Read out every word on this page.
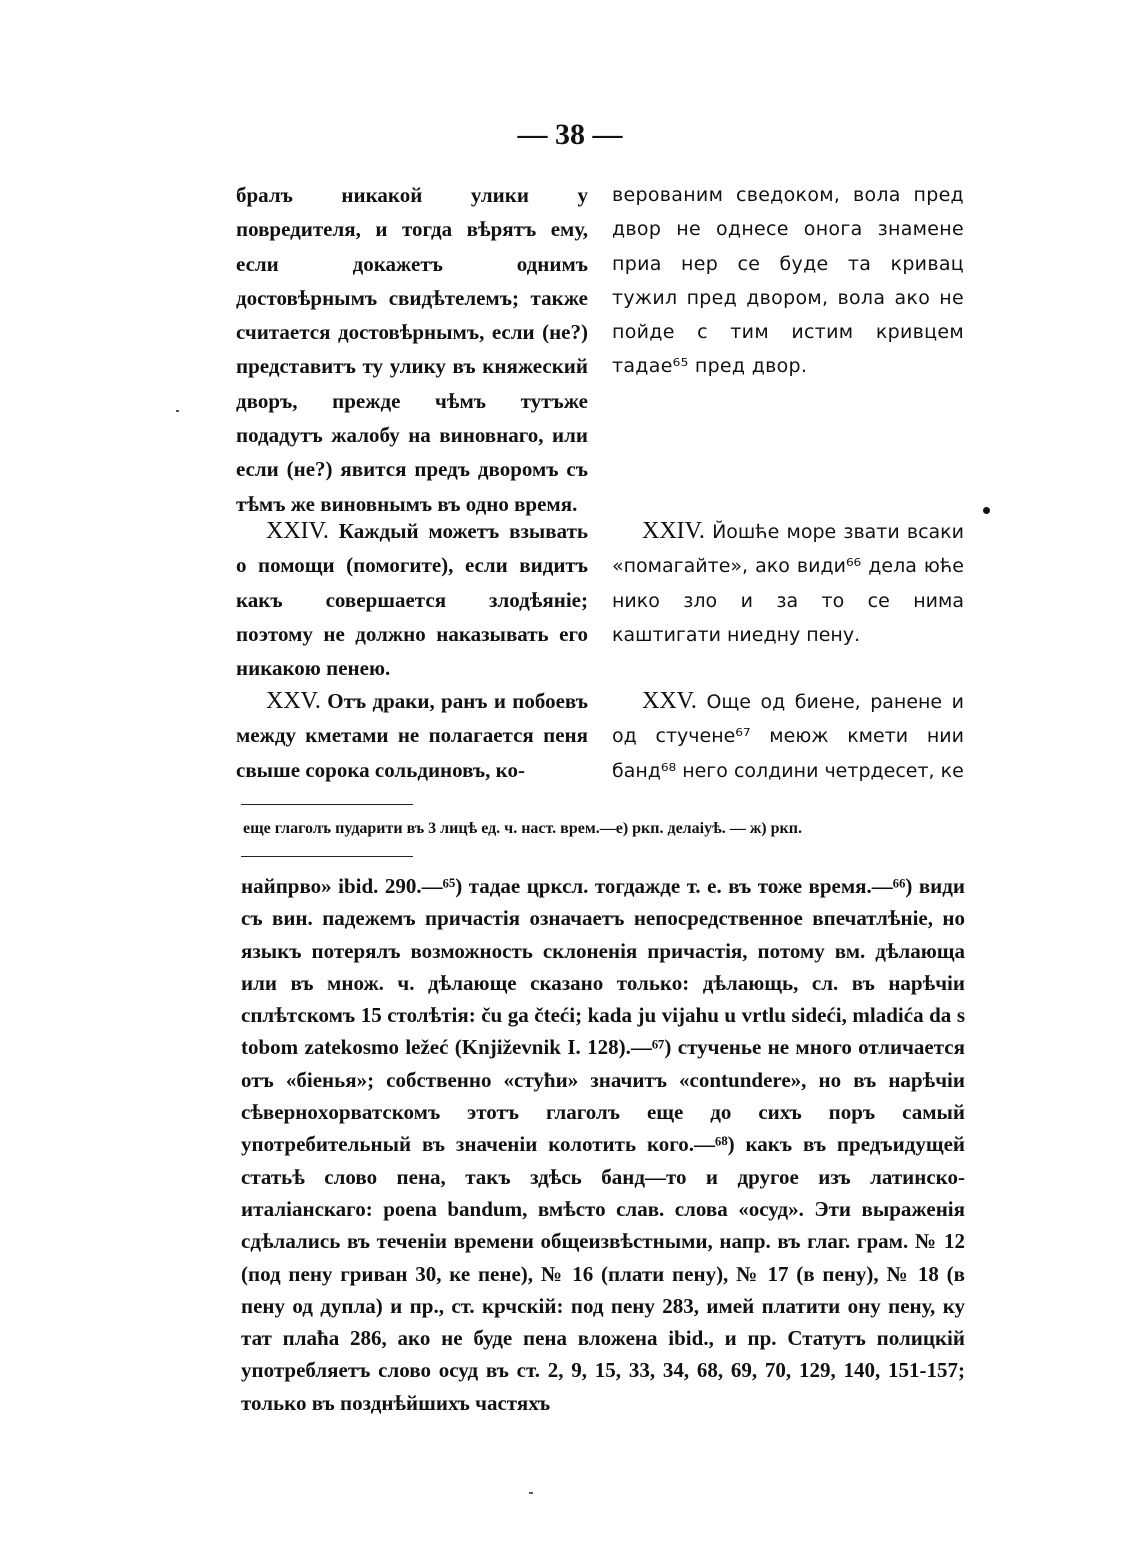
— 38 —

бралъ никакой улики у повредителя, и тогда вѣрятъ ему, если докажетъ однимъ достовѣрнымъ свидѣтелемъ; также считается достовѣрнымъ, если (не?) представитъ ту улику въ княжеский дворъ, прежде чѣмъ тутъже подадутъ жалобу на виновнаго, или если (не?) явится предъ дворомъ съ тѣмъ же виновнымъ въ одно время.

верованим сведоком, вола пред двор не однесе онога знамене приа нер се буде та кривац тужил пред двором, вола ако не пойде с тим истим кривцем тадае⁶⁵ пред двор.

XXIV. Каждый можетъ взывать о помощи (помогите), если видитъ какъ совершается злодѣяніе; поэтому не должно наказывать его никакою пенею.

XXV. Отъ драки, ранъ и побоевъ между кметами не полагается пеня свыше сорока сольдиновъ, ко-

XXIV. Йошће море звати всаки «помагайте», ако види⁶⁶ дела юће нико зло и за то се нима каштигати ниедну пену.

XXV. Още од биене, ранене и од стучене⁶⁷ меюж кмети нии банд⁶⁸ него солдини четрдесет, ке

еще глаголъ пударити въ 3 лицѣ ед. ч. наст. врем.—е) ркп. делаіуѣ. — ж) ркп.

найпрво» ibid. 290.—⁶⁵) тадае црксл. тогдажде т. е. въ тоже время.—⁶⁶) види съ вин. падежемъ причастія означаетъ непосредственное впечатлѣніе, но языкъ потерялъ возможность склоненія причастія, потому вм. дѣлающа или въ множ. ч. дѣлающе сказано только: дѣлающь, сл. въ нарѣчіи сплѣтскомъ 15 столѣтія: ču ga čteći; kada ju vijahu u vrtlu sideći, mladića da s tobom zatekosmo ležeć (Književnik I. 128).—⁶⁷) стученье не много отличается отъ «біенья»; собственно «стуħи» значитъ «contundere», но въ нарѣчіи сѣверноxорватскомъ этотъ глаголъ еще до сихъ поръ самый употребительный въ значеніи колотить кого.—⁶⁸) какъ въ предъидущей статьѣ слово пена, такъ здѣсь банд—то и другое изъ латинско-италіанскаго: poena bandum, вмѣсто слав. слова «осуд». Эти выраженія сдѣлались въ теченіи времени общеизвѣстными, напр. въ глаг. грам. № 12 (под пену гриван 30, ке пене), № 16 (плати пену), № 17 (в пену), № 18 (в пену од дупла) и пр., ст. крчскій: под пену 283, имей платити ону пену, ку тат плаћа 286, ако не буде пена вложена ibid., и пр. Статутъ полицкій употребляетъ слово осуд въ ст. 2, 9, 15, 33, 34, 68, 69, 70, 129, 140, 151-157; только въ позднѣйшихъ частяхъ
